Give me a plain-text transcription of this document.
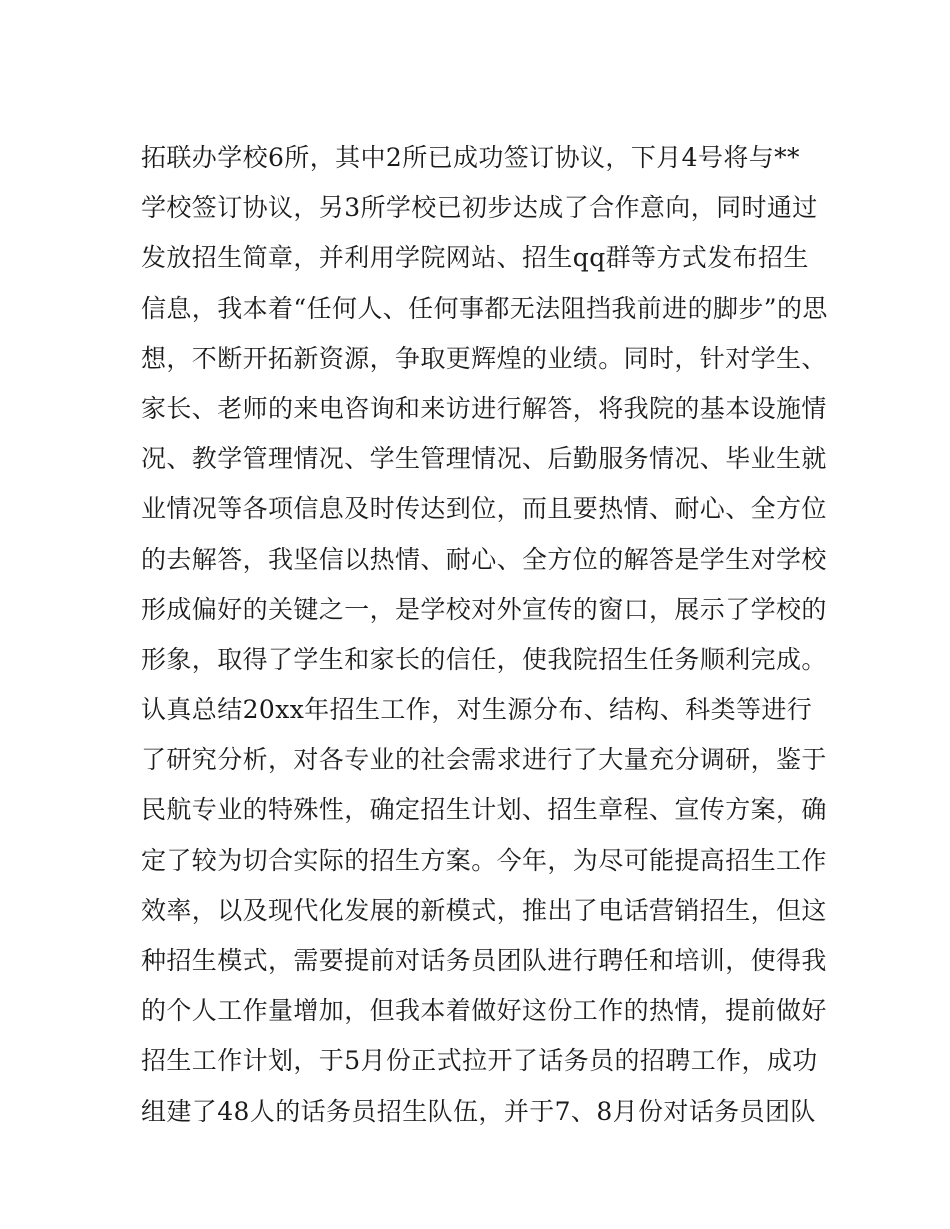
拓联办学校6所，其中2所已成功签订协议，下月4号将与**
学校签订协议，另3所学校已初步达成了合作意向，同时通过
发放招生简章，并利用学院网站、招生qq群等方式发布招生
信息，我本着“任何人、任何事都无法阻挡我前进的脚步”的思
想，不断开拓新资源，争取更辉煌的业绩。同时，针对学生、
家长、老师的来电咨询和来访进行解答，将我院的基本设施情
况、教学管理情况、学生管理情况、后勤服务情况、毕业生就
业情况等各项信息及时传达到位，而且要热情、耐心、全方位
的去解答，我坚信以热情、耐心、全方位的解答是学生对学校
形成偏好的关键之一，是学校对外宣传的窗口，展示了学校的
形象，取得了学生和家长的信任，使我院招生任务顺利完成。
认真总结20xx年招生工作，对生源分布、结构、科类等进行
了研究分析，对各专业的社会需求进行了大量充分调研，鉴于
民航专业的特殊性，确定招生计划、招生章程、宣传方案，确
定了较为切合实际的招生方案。今年，为尽可能提高招生工作
效率，以及现代化发展的新模式，推出了电话营销招生，但这
种招生模式，需要提前对话务员团队进行聘任和培训，使得我
的个人工作量增加，但我本着做好这份工作的热情，提前做好
招生工作计划，于5月份正式拉开了话务员的招聘工作，成功
组建了48人的话务员招生队伍，并于7、8月份对话务员团队
